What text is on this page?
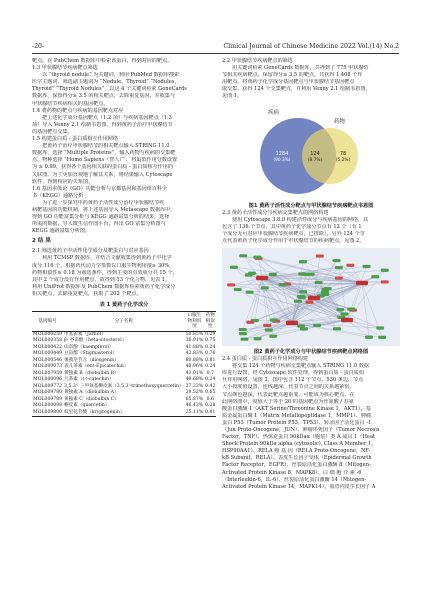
-20-	Clinical Journal of Chinese Medicine 2022 Vol.(14) No.2
靶点。在 PubChem 数据库中检索该蛋白，得到对应的靶点。
1.3 甲状腺结节疾病靶点筛选
以 “thyroid nodule” 为关键词，利用 PubMed 数据库搜索
医学主题词，筛选副主题词为 “Nodule、Thyroid” “Nodules，
Thyroid” “Thyroid Nodules”，以这 4 个关键词检索 GeneCards
数据库，保留得分≥ 3.5 的相关靶点，去除重复基因，并收集与
甲状腺结节疾病相关的基因靶点。
1.4 将药物的靶点与疾病的基因靶点对应
把上述化学成分基因靶点（1.2 项）与疾病基因靶点（1.3
项）导入 Venny 2.1 绘制韦恩图，得到黄药子治疗甲状腺结节
的基因靶点交集。
1.5 构建蛋白质 - 蛋白质相互作用网络
把黄药子治疗甲状腺结节的相关靶点输入 STRING 11.0
数据库，选择 “Multiple Proteins”，输入药物与疾病的交集靶
点，物种选择 “Homo Sapiens（智人）” ，将最低作用分数设置
为 ≥ 0.99，获得各个基因相关联的蛋白质 - 蛋白质相互作用的
关联图。为了更加直观地了解其关系，将结果输入 Cytoscape
软件，得到相应的关系图。
1.6 基因本体论（GO）功能分析与京都基因和基因组百科全
书（KEGG）通路分析
为了进一步探究中药黄药子活性成分治疗甲状腺结节疾
病靶基因的功能机制，将上述基因导入 Metascape 数据库中，
得到 GO 功能富集分析与 KEGG 通路富集分析的结果，选择
所需的数据，导入微生信作图平台，得出 GO 富集分析图与
KEGG 通路富集分析图。
2 结 果
2.1 筛选黄药子中活性化学成分及靶蛋白与对应基因
利用 TCMSP 数据库，并结合文献收集得到黄药子中化学
成分 116 个，根据药代动力学参数以口服生物利用度≥ 30%，
药物相似性≥ 0.18 为筛选条件，得到主要的有效成分共 15 个，
其中 2 个成分没有作用靶点，故得到 13 个化合物，见表 1。
利用 UniProt 数据库及 PubChem 数据库检索黄药子化学成分
相关靶点，去除重复靶点，获取了 202 个靶点。
表 1 黄药子化学成分
基因编号	分子名称	口服生物利用度	药物相似性
MOL000259	甲基雀素（Jarnol）	50.85%	0.29
MOL000358	β- 谷甾醇（beta-sitosterol）	36.91%	0.75
MOL000422	山奈酚（kaempferol）	41.88%	0.24
MOL000449	豆甾醇（Stigmasterol）	43.83%	0.76
MOL000546	薯蓣皂苷元（diosgenin）	80.88%	0.81
MOL000073	表儿茶素（ent-Epicatechin）	48.96%	0.24
MOL007959	黄独素 B（diobulbin B）	43.01%	0.7
MOL000096	儿茶素（(-)-catechin）	49.68%	0.24
MOL009772	3,5,3'- 三甲氧基槲皮素（3,5,3'-trimethoxyquercetin）	37.33%	0.42
MOL009780	黄独素 A（diobulbin A）	39.52%	0.65
MOL009789	黄独素 C（diobulbin C）	65.87%	0.6
MOL000098	槲皮素（quercetin）	46.43%	0.28
MOL009800	纹里托苷酸（kryptogenin）	35.11%	0.81
2.2 甲状腺结节疾病靶点的筛选
用关键词检索 GeneCards 数据库，共得到了 775 甲状腺结
节相关疾病靶点，保留得分≥ 3.5 的靶点，共获得 1 408 个作
用靶点，将黄药子化学成分基因靶点与甲状腺结节基因靶点
取交集，获得 124 个交集靶点，并利用 Venny 2.1 绘制韦恩图，
见图 1。
疾病
药物
1284
(90.3%)
124
(8.7%)
78
(5.2%)
图1 黄药子活性成分靶点与甲状腺结节疾病靶点韦恩图
2.3 黄药子活性成分与疾病交集靶点的网络构建
使用 Cytoscape 3.8.0 构建活性成分与疾病基因的网络，其
包含了 136 个节点，其中黄药子化学成分节点有 12 个（有 1
个成分无可对应甲状腺结节疾病靶点，已排除），另外 124 个节
点代表黄药子化学成分作用于甲状腺结节的疾病靶点，见图 2。
图2 黄药子化学成分与甲状腺结节疾病靶点网络图
2.4 蛋白质 - 蛋白质相互作用网络构建
将交集 124 个药物与疾病交集靶点输入 STRING 11.0 数据
库进行设置，经 Cytoscape 软件处理，得到蛋白质 - 蛋白质相
互作用网络，见图 3。图中包含 112 个节点，530 条边，节点
大小按度值设置，连线越深，代表节点之间的关系越紧密，
节点颜色越深，代表此靶点越重要，可能成为核心靶点。在
此网络图中，度值大于等于 20 的基因靶点为丝氨酸 / 苏氨
酸蛋白激酶 1（AKT Serine/Threonine Kinase 1，AKT1）、基
质金属蛋白酶 1（Matrix Metallopeptidase 1，MMP1）、肿瘤
蛋白 P53（Tumor Protein P53，TP53）、转录因子活化蛋白 -1
（Jun Proto-Oncogene，JUN）、肿瘤坏死因子（Tumor Necrosis
Factor，TNF）、热休克蛋白 90kDaα（胞浆）类 A 成员 1（Heat
Shock Protein 90kDa alpha (cytosolic), Class A Member 1，
HSP90AA1）、RELA 癌 基 因（RELA Proto-Oncogene，NF-
kB Subunit，RELA）、表皮生长因子受体（Epidermal Growth
Factor Receptor，EGFR）、丝裂原活化蛋白激酶 8（Mitogen-
Activated Protein Kinase 8，MAPK8）、白 细 胞 介 素 -6
（Interleukin-6，IL-6）、丝裂原活化蛋白激酶 14（Mitogen-
Activated Protein Kinase 14，MAPK14）、血管内皮生长因子 A
